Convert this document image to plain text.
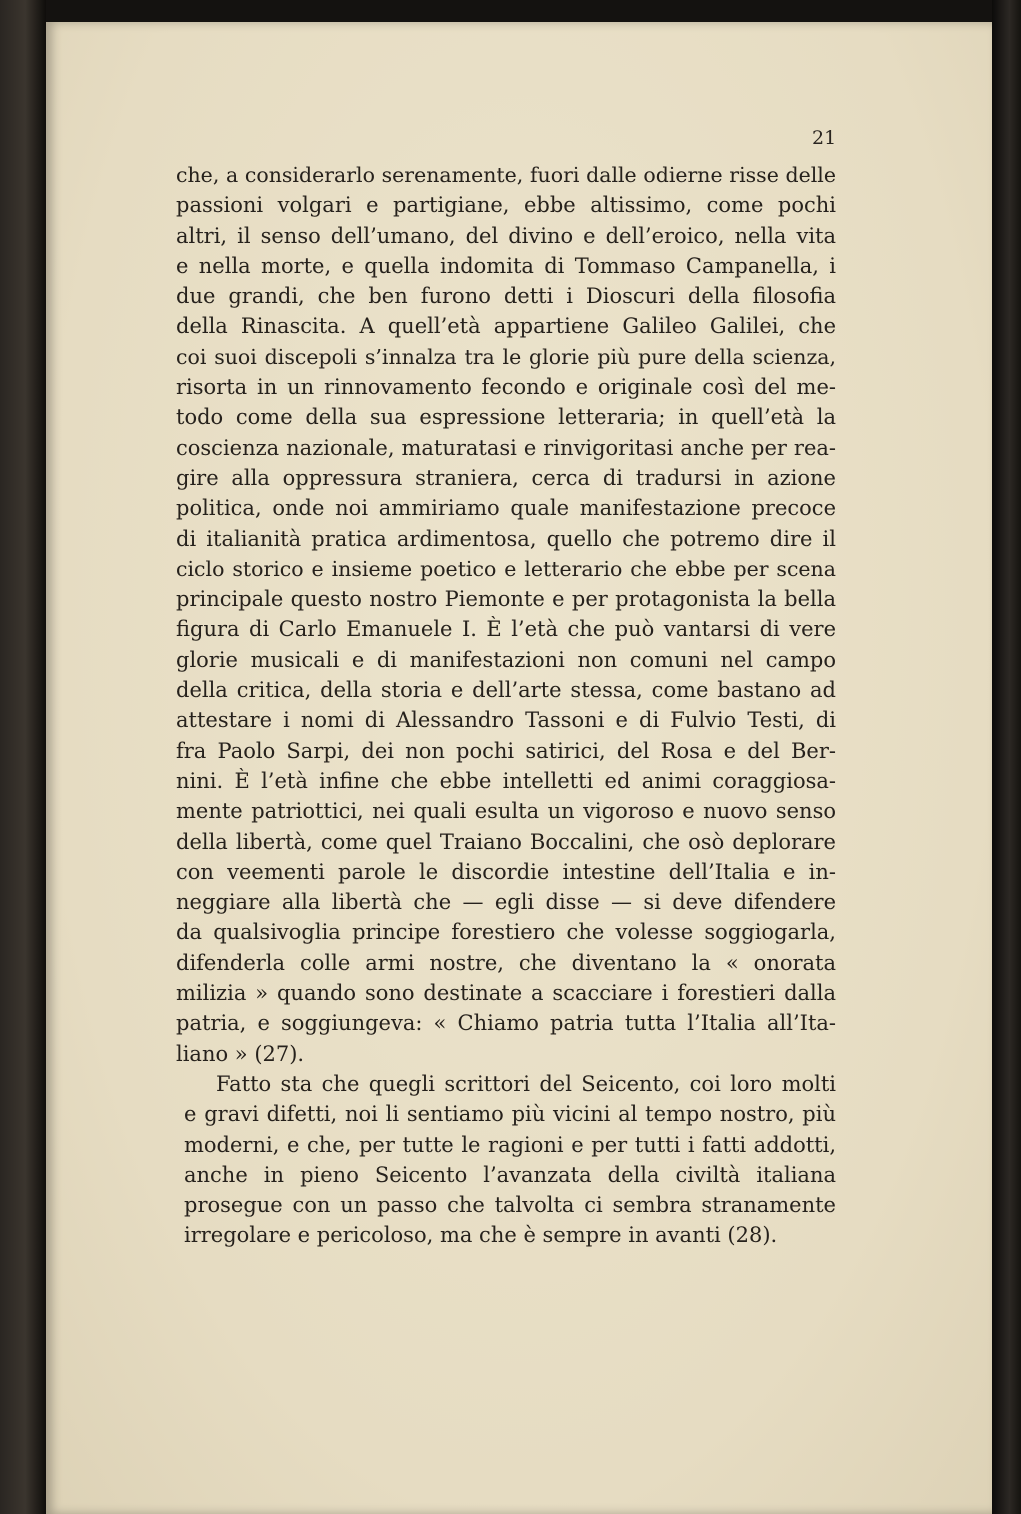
21
che, a considerarlo serenamente, fuori dalle odierne risse delle
passioni volgari e partigiane, ebbe altissimo, come pochi
altri, il senso dell’umano, del divino e dell’eroico, nella vita
e nella morte, e quella indomita di Tommaso Campanella, i
due grandi, che ben furono detti i Dioscuri della filosofia
della Rinascita. A quell’età appartiene Galileo Galilei, che
coi suoi discepoli s’innalza tra le glorie più pure della scienza,
risorta in un rinnovamento fecondo e originale così del me-
todo come della sua espressione letteraria; in quell’età la
coscienza nazionale, maturatasi e rinvigoritasi anche per rea-
gire alla oppressura straniera, cerca di tradursi in azione
politica, onde noi ammiriamo quale manifestazione precoce
di italianità pratica ardimentosa, quello che potremo dire il
ciclo storico e insieme poetico e letterario che ebbe per scena
principale questo nostro Piemonte e per protagonista la bella
figura di Carlo Emanuele I. È l’età che può vantarsi di vere
glorie musicali e di manifestazioni non comuni nel campo
della critica, della storia e dell’arte stessa, come bastano ad
attestare i nomi di Alessandro Tassoni e di Fulvio Testi, di
fra Paolo Sarpi, dei non pochi satirici, del Rosa e del Ber-
nini. È l’età infine che ebbe intelletti ed animi coraggiosa-
mente patriottici, nei quali esulta un vigoroso e nuovo senso
della libertà, come quel Traiano Boccalini, che osò deplorare
con veementi parole le discordie intestine dell’Italia e in-
neggiare alla libertà che — egli disse — si deve difendere
da qualsivoglia principe forestiero che volesse soggiogarla,
difenderla colle armi nostre, che diventano la « onorata
milizia » quando sono destinate a scacciare i forestieri dalla
patria, e soggiungeva: « Chiamo patria tutta l’Italia all’Ita-
liano » (27).
Fatto sta che quegli scrittori del Seicento, coi loro molti
e gravi difetti, noi li sentiamo più vicini al tempo nostro, più
moderni, e che, per tutte le ragioni e per tutti i fatti addotti,
anche in pieno Seicento l’avanzata della civiltà italiana
prosegue con un passo che talvolta ci sembra stranamente
irregolare e pericoloso, ma che è sempre in avanti (28).
